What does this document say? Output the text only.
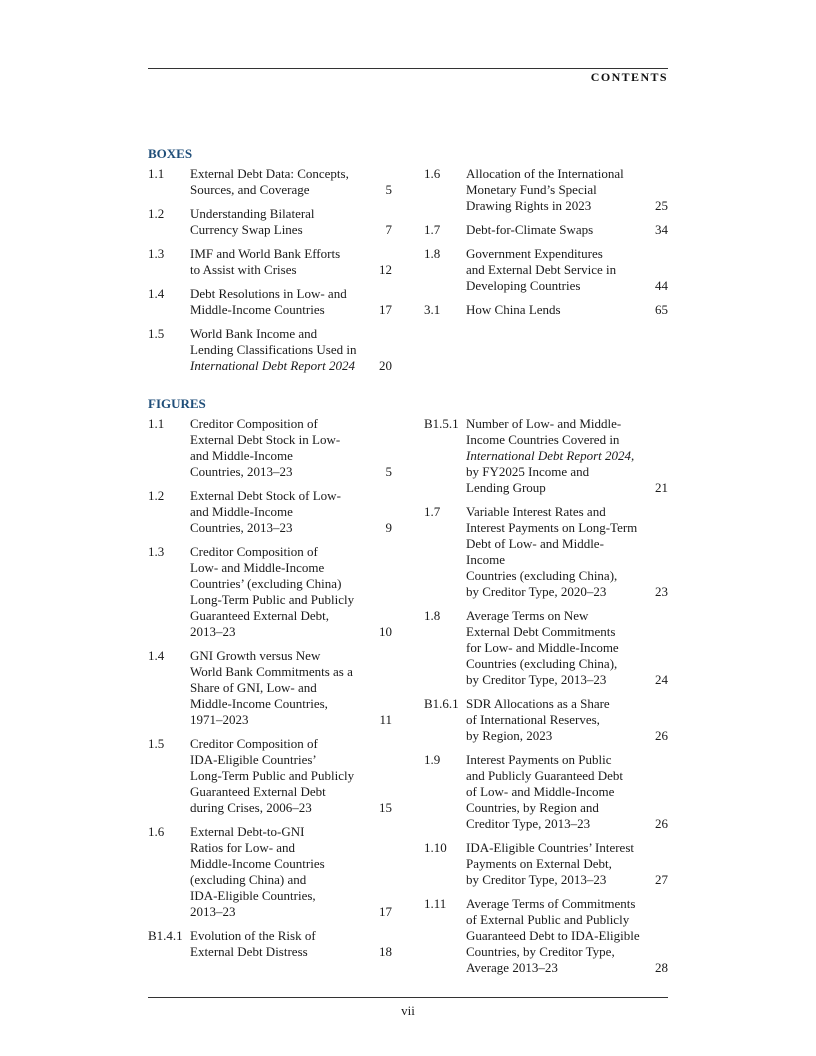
CONTENTS
BOXES
1.1 External Debt Data: Concepts,
Sources, and Coverage	5
1.2 Understanding Bilateral
Currency Swap Lines	7
1.3 IMF and World Bank Efforts
to Assist with Crises	12
1.4 Debt Resolutions in Low- and
Middle-Income Countries	17
1.5 World Bank Income and
Lending Classifications Used in
International Debt Report 2024	20
1.6 Allocation of the International
Monetary Fund’s Special
Drawing Rights in 2023	25
1.7 Debt-for-Climate Swaps	34
1.8 Government Expenditures
and External Debt Service in
Developing Countries	44
3.1 How China Lends	65
FIGURES
1.1 Creditor Composition of
External Debt Stock in Low-
and Middle-Income
Countries, 2013–23	5
1.2 External Debt Stock of Low-
and Middle-Income
Countries, 2013–23	9
1.3 Creditor Composition of
Low- and Middle-Income
Countries’ (excluding China)
Long-Term Public and Publicly
Guaranteed External Debt,
2013–23	10
1.4 GNI Growth versus New
World Bank Commitments as a
Share of GNI, Low- and
Middle-Income Countries,
1971–2023	11
1.5 Creditor Composition of
IDA-Eligible Countries’
Long-Term Public and Publicly
Guaranteed External Debt
during Crises, 2006–23	15
1.6 External Debt-to-GNI
Ratios for Low- and
Middle-Income Countries
(excluding China) and
IDA-Eligible Countries,
2013–23	17
B1.4.1 Evolution of the Risk of
External Debt Distress	18
B1.5.1 Number of Low- and Middle-
Income Countries Covered in
International Debt Report 2024,
by FY2025 Income and
Lending Group	21
1.7 Variable Interest Rates and
Interest Payments on Long-Term
Debt of Low- and Middle-Income
Countries (excluding China),
by Creditor Type, 2020–23	23
1.8 Average Terms on New
External Debt Commitments
for Low- and Middle-Income
Countries (excluding China),
by Creditor Type, 2013–23	24
B1.6.1 SDR Allocations as a Share
of International Reserves,
by Region, 2023	26
1.9 Interest Payments on Public
and Publicly Guaranteed Debt
of Low- and Middle-Income
Countries, by Region and
Creditor Type, 2013–23	26
1.10 IDA-Eligible Countries’ Interest
Payments on External Debt,
by Creditor Type, 2013–23	27
1.11 Average Terms of Commitments
of External Public and Publicly
Guaranteed Debt to IDA-Eligible
Countries, by Creditor Type,
Average 2013–23	28
vii
